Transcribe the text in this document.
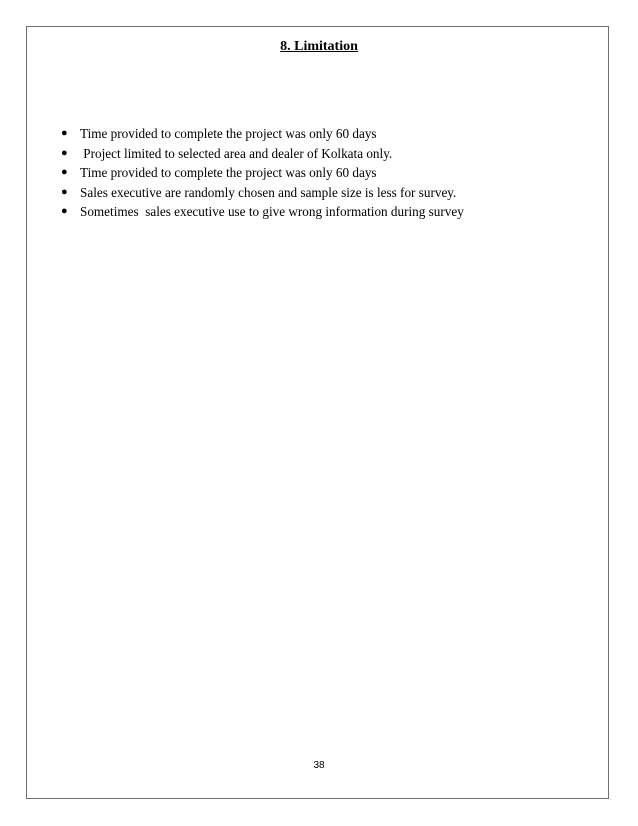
8. Limitation
● Time provided to complete the project was only 60 days
● Project limited to selected area and dealer of Kolkata only.
● Time provided to complete the project was only 60 days
● Sales executive are randomly chosen and sample size is less for survey.
● Sometimes  sales executive use to give wrong information during survey
38
